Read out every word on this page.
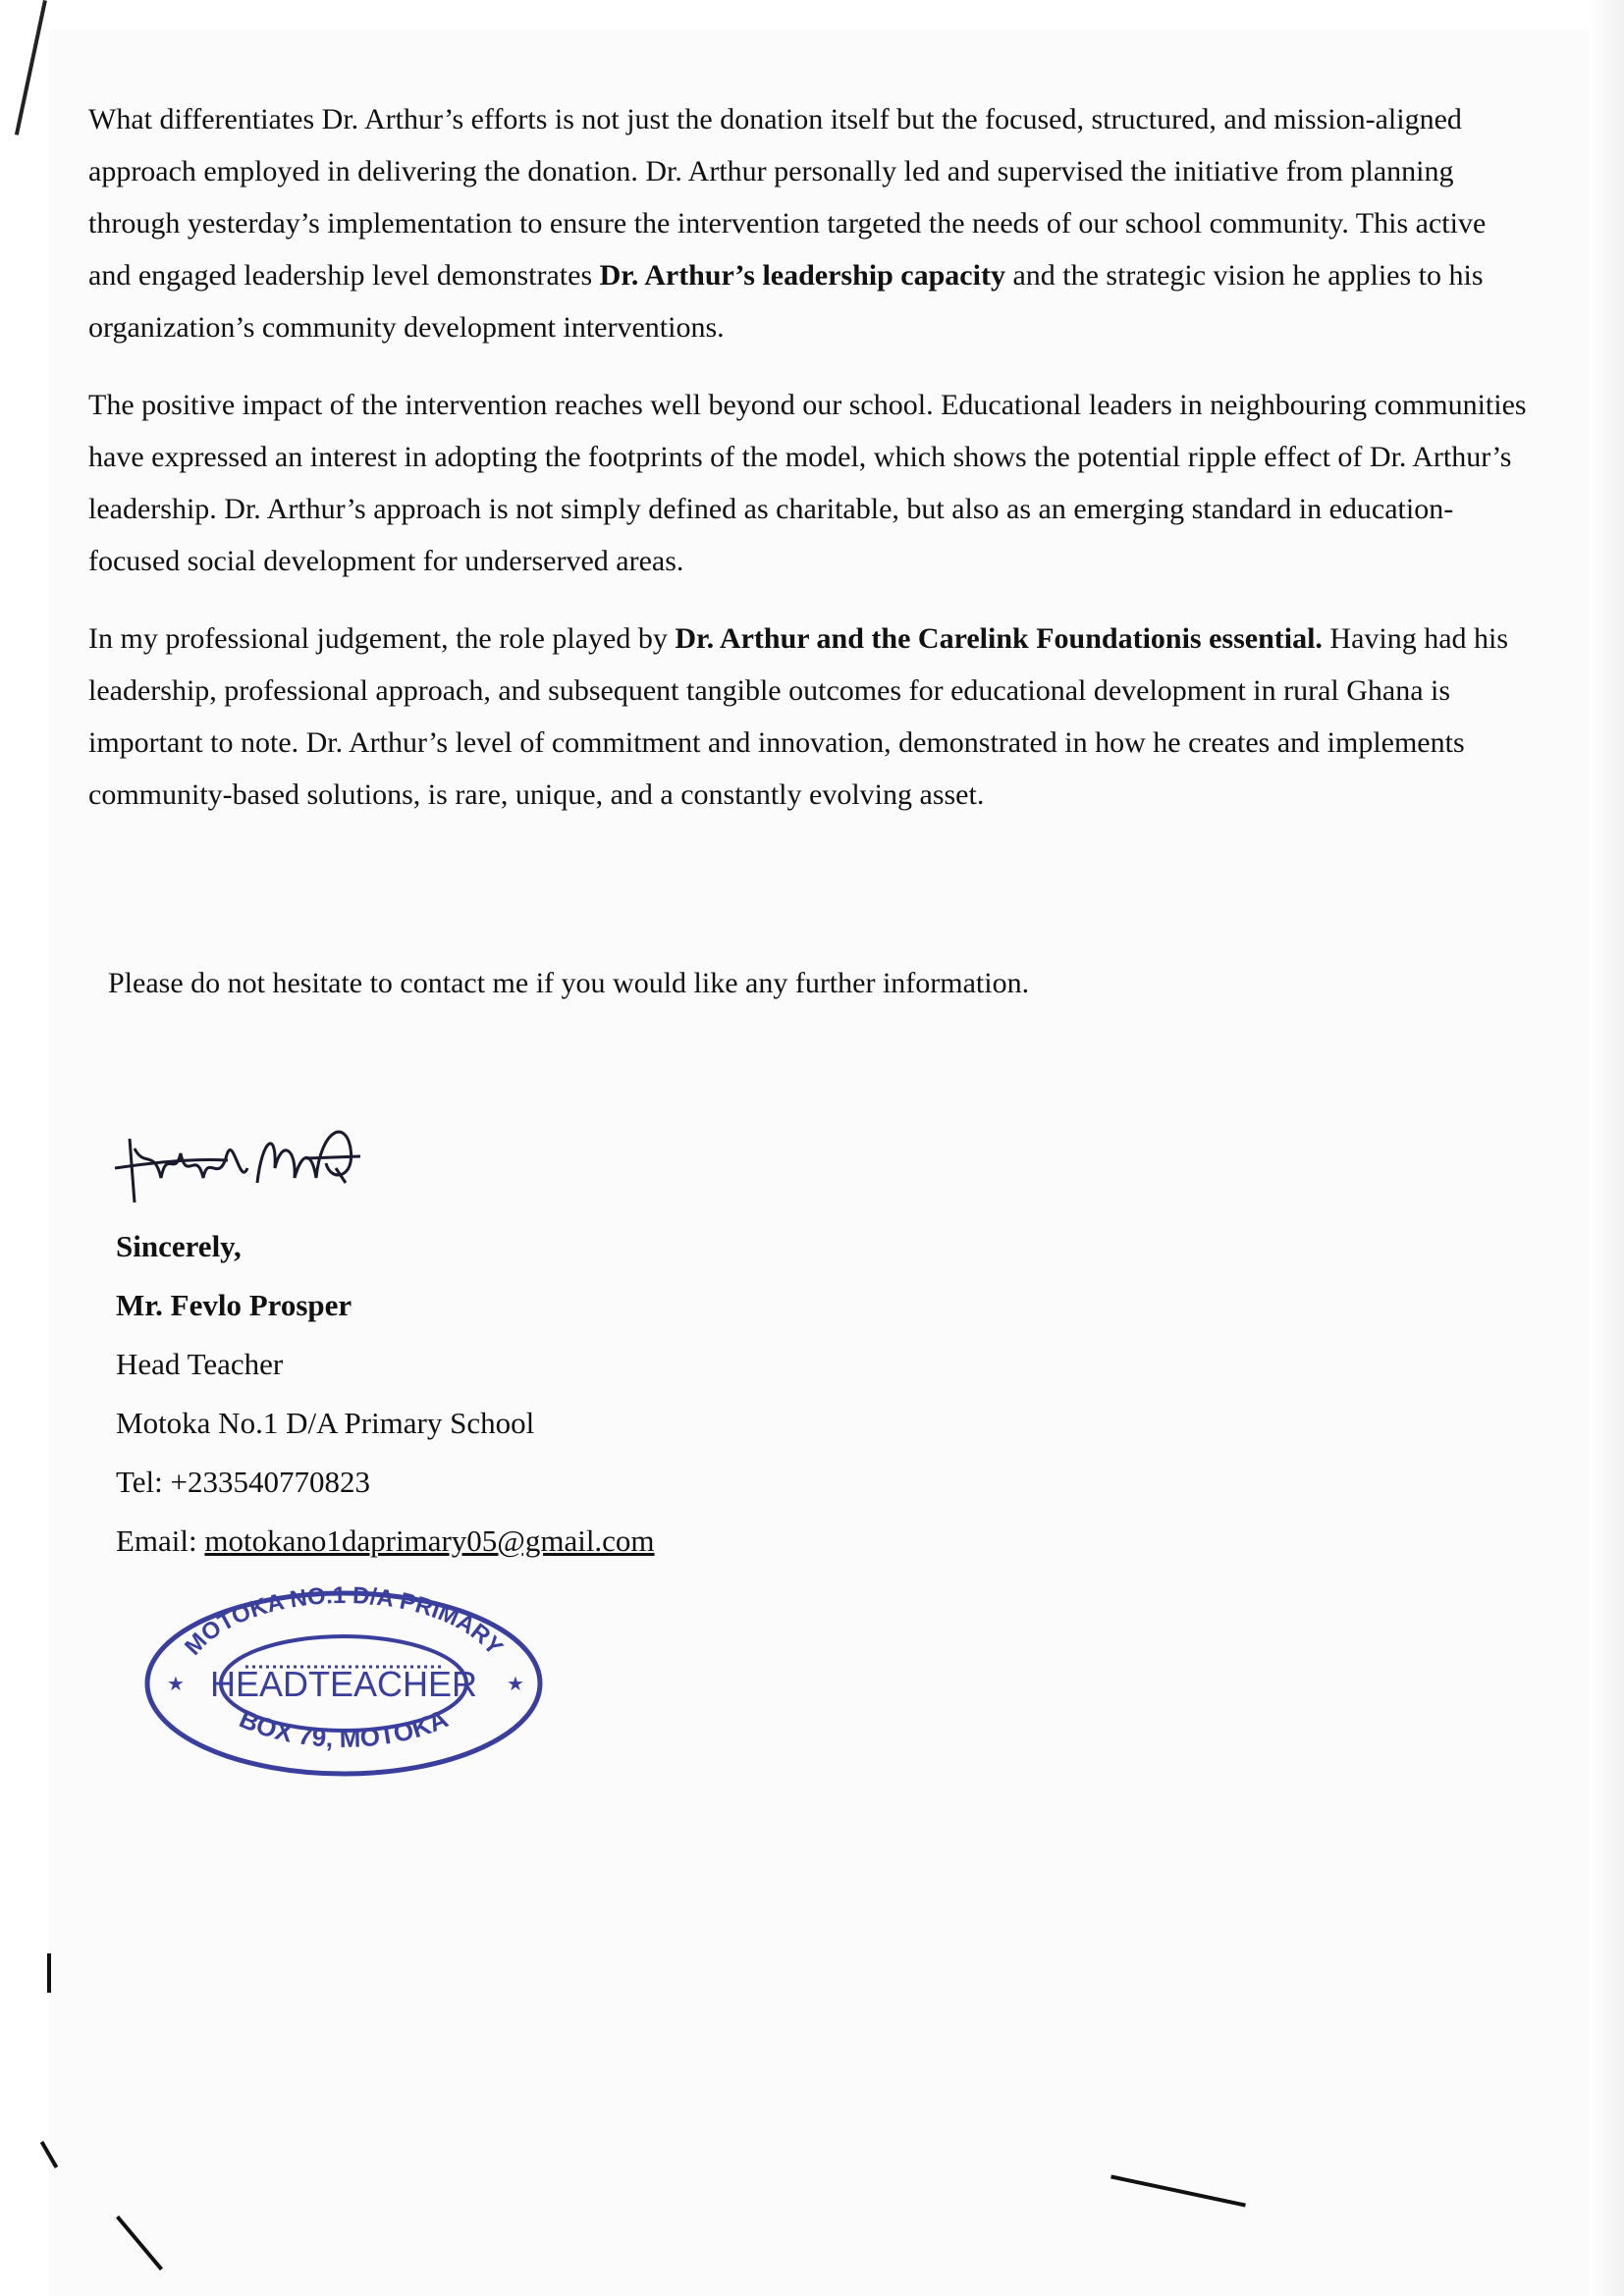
What differentiates Dr. Arthur’s efforts is not just the donation itself but the focused, structured, and mission-aligned approach employed in delivering the donation. Dr. Arthur personally led and supervised the initiative from planning through yesterday’s implementation to ensure the intervention targeted the needs of our school community. This active and engaged leadership level demonstrates Dr. Arthur’s leadership capacity and the strategic vision he applies to his organization’s community development interventions.

The positive impact of the intervention reaches well beyond our school. Educational leaders in neighbouring communities have expressed an interest in adopting the footprints of the model, which shows the potential ripple effect of Dr. Arthur’s leadership. Dr. Arthur’s approach is not simply defined as charitable, but also as an emerging standard in education-focused social development for underserved areas.

In my professional judgement, the role played by Dr. Arthur and the Carelink Foundationis essential. Having had his leadership, professional approach, and subsequent tangible outcomes for educational development in rural Ghana is important to note. Dr. Arthur’s level of commitment and innovation, demonstrated in how he creates and implements community-based solutions, is rare, unique, and a constantly evolving asset.

Please do not hesitate to contact me if you would like any further information.
Sincerely,
Mr. Fevlo Prosper
Head Teacher
Motoka No.1 D/A Primary School
Tel: +233540770823
Email: motokano1daprimary05@gmail.com
MOTOKA NO.1 D/A PRIMARY
BOX 79, MOTOKA
HEADTEACHER
★	★
